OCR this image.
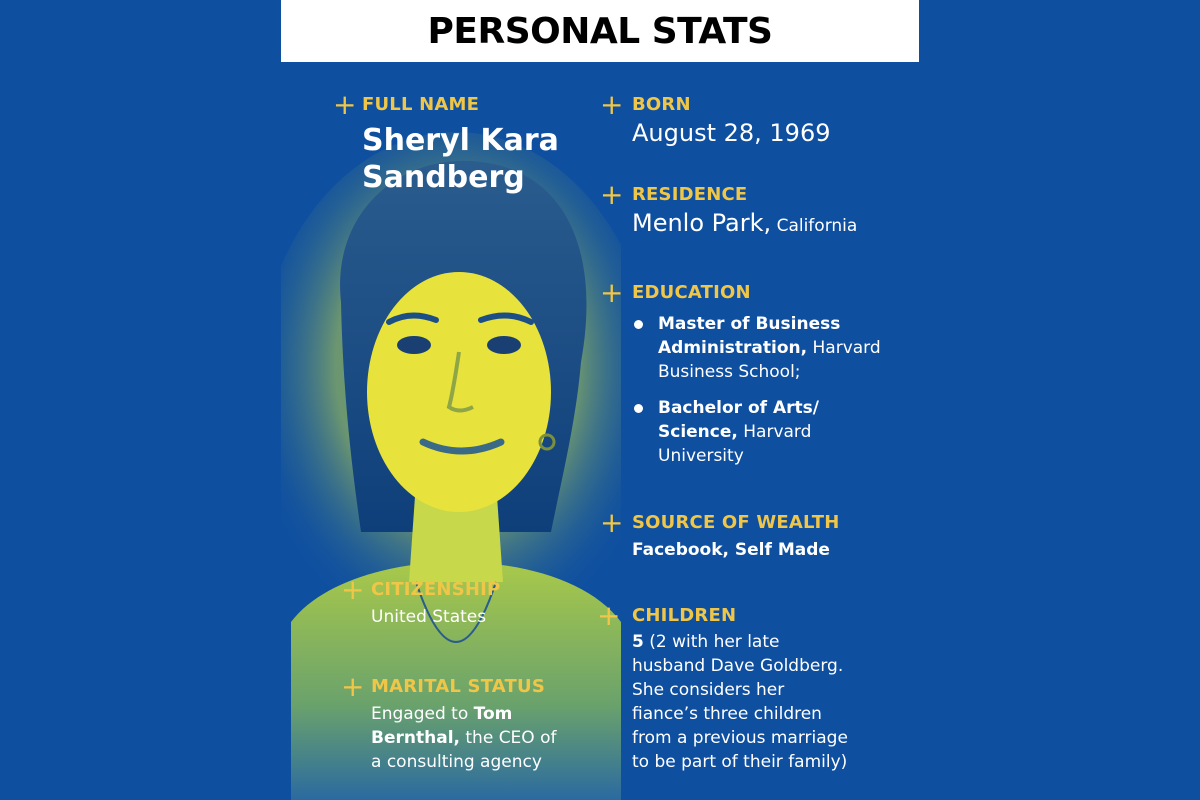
PERSONAL STATS
+ FULL NAME
Sheryl Kara
Sandberg
+ CITIZENSHIP
United States
+ MARITAL STATUS
Engaged to Tom
Bernthal, the CEO of
a consulting agency
+ BORN
August 28, 1969
+ RESIDENCE
Menlo Park, California
+ EDUCATION
Master of Business
Administration, Harvard
Business School;
Bachelor of Arts/
Science, Harvard
University
+ SOURCE OF WEALTH
Facebook, Self Made
+ CHILDREN
5 (2 with her late
husband Dave Goldberg.
She considers her
fiance’s three children
from a previous marriage
to be part of their family)
